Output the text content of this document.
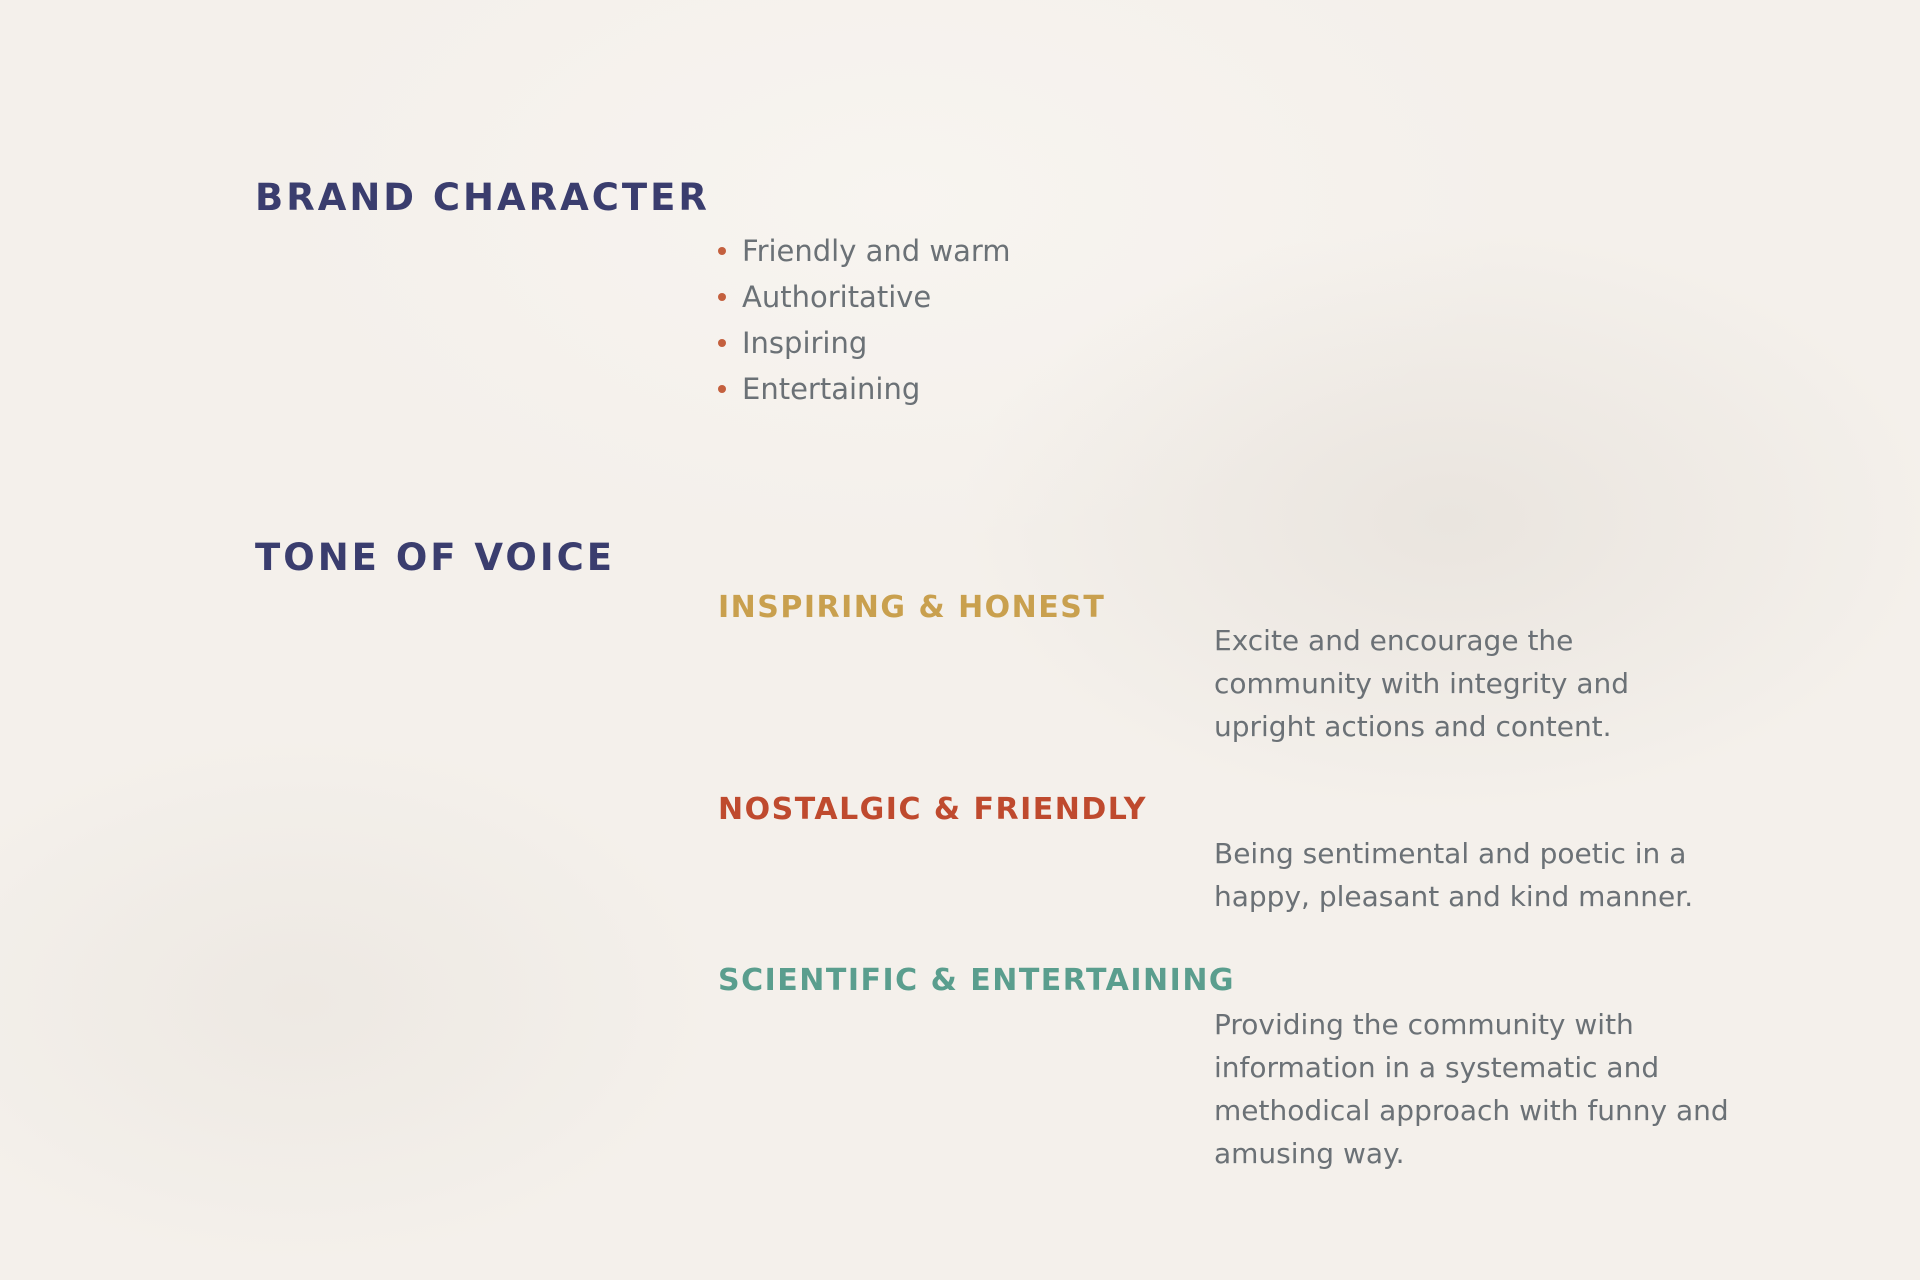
BRAND CHARACTER
Friendly and warm
Authoritative
Inspiring
Entertaining
TONE OF VOICE
INSPIRING & HONEST

Excite and encourage the community with integrity and upright actions and content.

NOSTALGIC & FRIENDLY

Being sentimental and poetic in a happy, pleasant and kind manner.

SCIENTIFIC & ENTERTAINING

Providing the community with information in a systematic and methodical approach with funny and amusing way.
